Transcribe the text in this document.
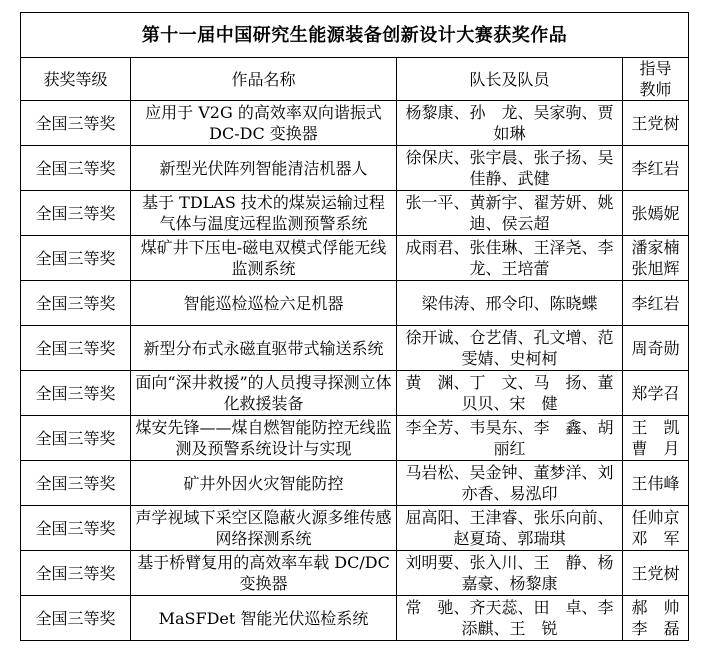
第十一届中国研究生能源装备创新设计大赛获奖作品			
获奖等级	作品名称	队长及队员	指导
教师
全国三等奖	应用于 V2G 的高效率双向谐振式 DC-DC 变换器	杨黎康、孙　龙、吴家驹、贾如琳	王党树
全国三等奖	新型光伏阵列智能清洁机器人	徐保庆、张宇晨、张子扬、吴佳静、武健	李红岩
全国三等奖	基于 TDLAS 技术的煤炭运输过程气体与温度远程监测预警系统	张一平、黄新宇、翟芳妍、姚迪、侯云超	张嫣妮
全国三等奖	煤矿井下压电-磁电双模式俘能无线监测系统	成雨君、张佳琳、王泽尧、李龙、王培蕾	潘家楠 张旭辉
全国三等奖	智能巡检巡检六足机器	梁伟涛、邢令印、陈晓蝶	李红岩
全国三等奖	新型分布式永磁直驱带式输送系统	徐开诚、仓艺倩、孔文增、范雯婧、史柯柯	周奇勋
全国三等奖	面向“深井救援”的人员搜寻探测立体化救援装备	黄　渊、丁　文、马　扬、董贝贝、宋　健	郑学召
全国三等奖	煤安先锋——煤自燃智能防控无线监测及预警系统设计与实现	李全芳、韦昊东、李　鑫、胡丽红	王　凯 曹　月
全国三等奖	矿井外因火灾智能防控	马岩松、吴金钟、董梦洋、刘亦香、易泓印	王伟峰
全国三等奖	声学视域下采空区隐蔽火源多维传感网络探测系统	屈高阳、王津睿、张乐向前、赵夏琦、郭瑞琪	任帅京 邓　军
全国三等奖	基于桥臂复用的高效率车载 DC/DC 变换器	刘明要、张入川、王　静、杨嘉豪、杨黎康	王党树
全国三等奖	MaSFDet 智能光伏巡检系统	常　驰、齐天蕊、田　卓、李添麒、王　锐	郝　帅 李　磊
